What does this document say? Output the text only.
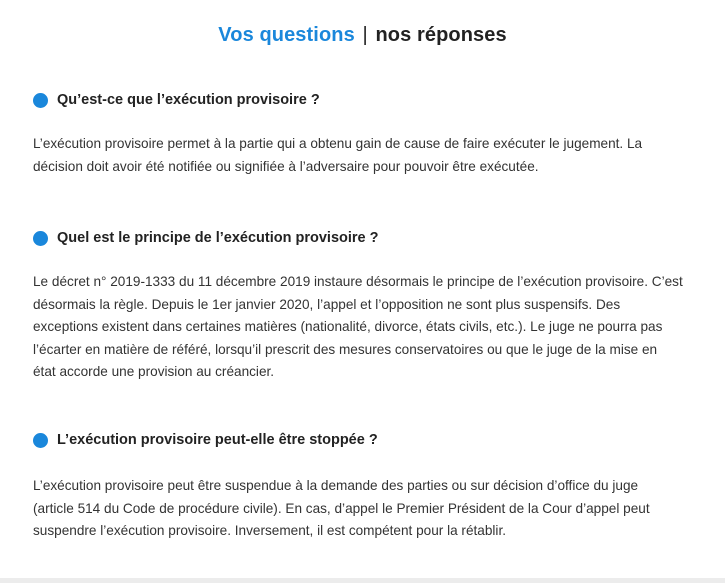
Vos questions | nos réponses
Qu’est-ce que l’exécution provisoire ?

L’exécution provisoire permet à la partie qui a obtenu gain de cause de faire exécuter le jugement. La décision doit avoir été notifiée ou signifiée à l’adversaire pour pouvoir être exécutée.

Quel est le principe de l’exécution provisoire ?

Le décret n° 2019-1333 du 11 décembre 2019 instaure désormais le principe de l’exécution provisoire. C’est désormais la règle. Depuis le 1er janvier 2020, l’appel et l’opposition ne sont plus suspensifs. Des exceptions existent dans certaines matières (nationalité, divorce, états civils, etc.). Le juge ne pourra pas l’écarter en matière de référé, lorsqu’il prescrit des mesures conservatoires ou que le juge de la mise en état accorde une provision au créancier.

L’exécution provisoire peut-elle être stoppée ?

L’exécution provisoire peut être suspendue à la demande des parties ou sur décision d’office du juge (article 514 du Code de procédure civile). En cas, d’appel le Premier Président de la Cour d’appel peut suspendre l’exécution provisoire. Inversement, il est compétent pour la rétablir.
